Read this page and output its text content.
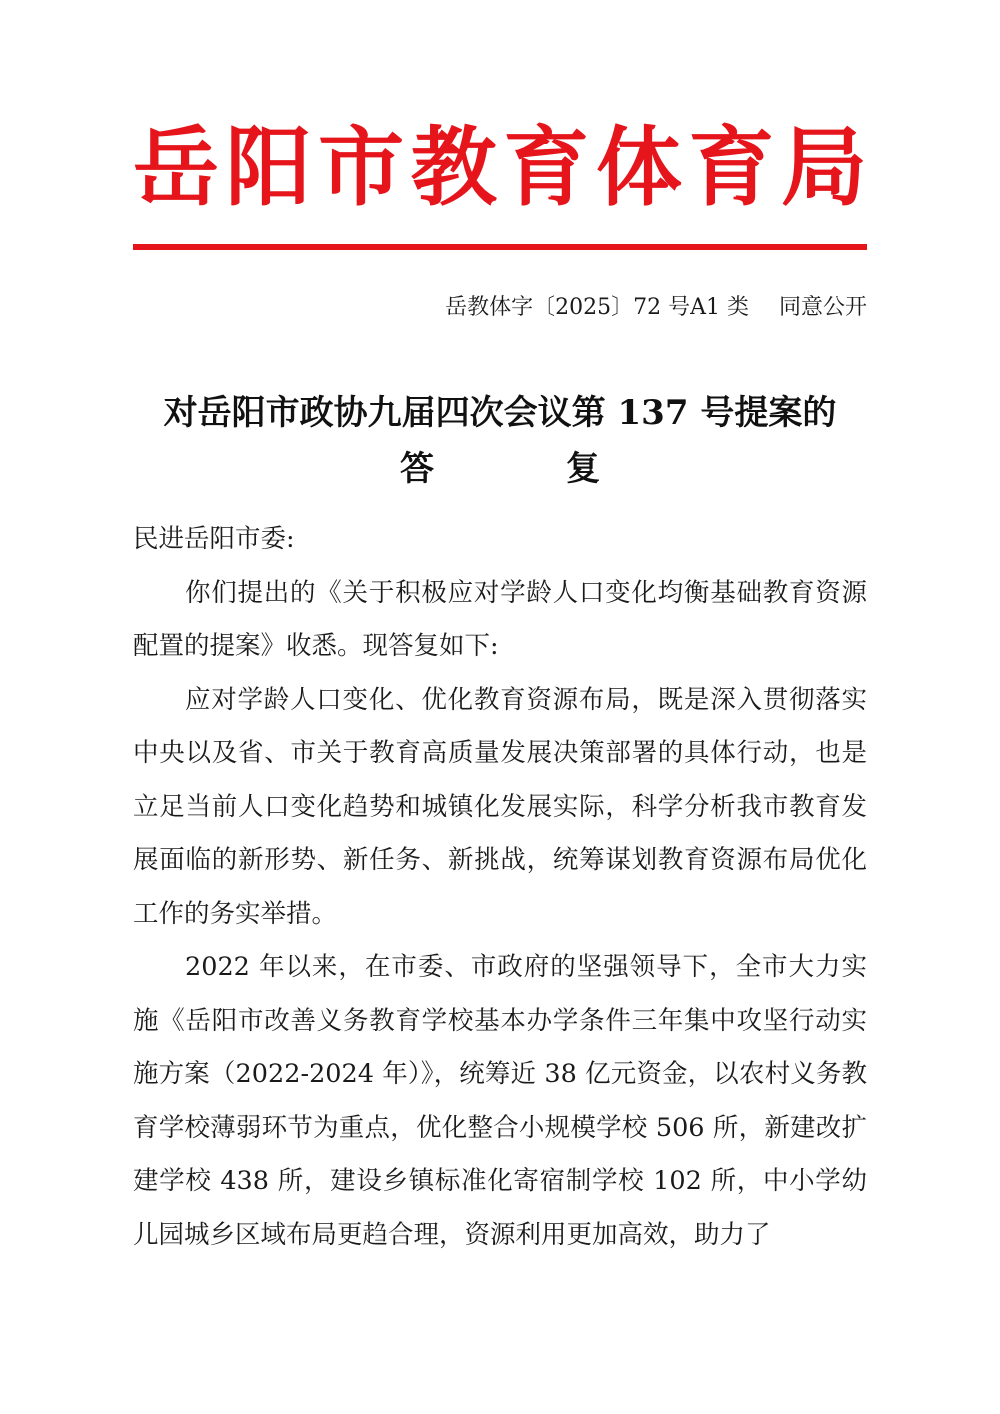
岳 阳 市 教 育 体 育 局
岳教体字〔2025〕72 号A1 类 同意公开
对岳阳市政协九届四次会议第 137 号提案的
答	复

民进岳阳市委:

你们提出的《关于积极应对学龄人口变化均衡基础教育资源配置的提案》收悉。现答复如下:

应对学龄人口变化、优化教育资源布局，既是深入贯彻落实中央以及省、市关于教育高质量发展决策部署的具体行动，也是立足当前人口变化趋势和城镇化发展实际，科学分析我市教育发展面临的新形势、新任务、新挑战，统筹谋划教育资源布局优化工作的务实举措。

2022 年以来，在市委、市政府的坚强领导下，全市大力实施《岳阳市改善义务教育学校基本办学条件三年集中攻坚行动实施方案（2022-2024 年）》，统筹近 38 亿元资金，以农村义务教育学校薄弱环节为重点，优化整合小规模学校 506 所，新建改扩建学校 438 所，建设乡镇标准化寄宿制学校 102 所，中小学幼儿园城乡区域布局更趋合理，资源利用更加高效，助力了
